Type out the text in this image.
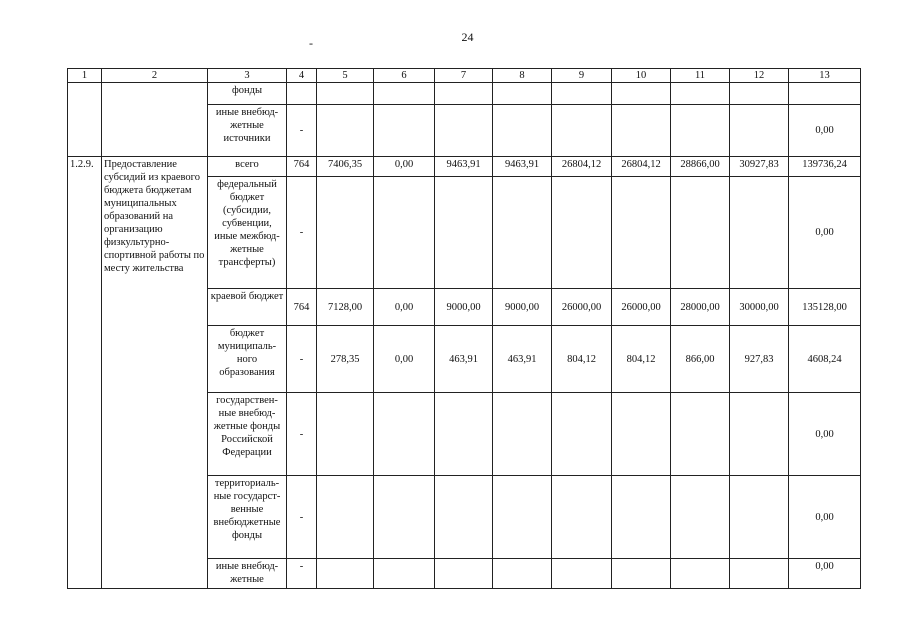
24
-
1	2	3	4	5	6	7	8	9	10	11	12	13
		фонды										
		иные внебюд-жетные источники	-									0,00
1.2.9.	Предоставление субсидий из краевого бюджета бюджетам муниципальных образований на организацию физкультурно-спортивной работы по месту жительства	всего	764	7406,35	0,00	9463,91	9463,91	26804,12	26804,12	28866,00	30927,83	139736,24
		федеральный бюджет (субсидии, субвенции, иные межбюд-жетные трансферты)	-									0,00
		краевой бюджет	764	7128,00	0,00	9000,00	9000,00	26000,00	26000,00	28000,00	30000,00	135128,00
		бюджет муниципаль-ного образования	-	278,35	0,00	463,91	463,91	804,12	804,12	866,00	927,83	4608,24
		государствен-ные внебюд-жетные фонды Российской Федерации	-									0,00
		территориаль-ные государст-венные внебюджетные фонды	-									0,00
		иные внебюд-жетные	-									0,00
